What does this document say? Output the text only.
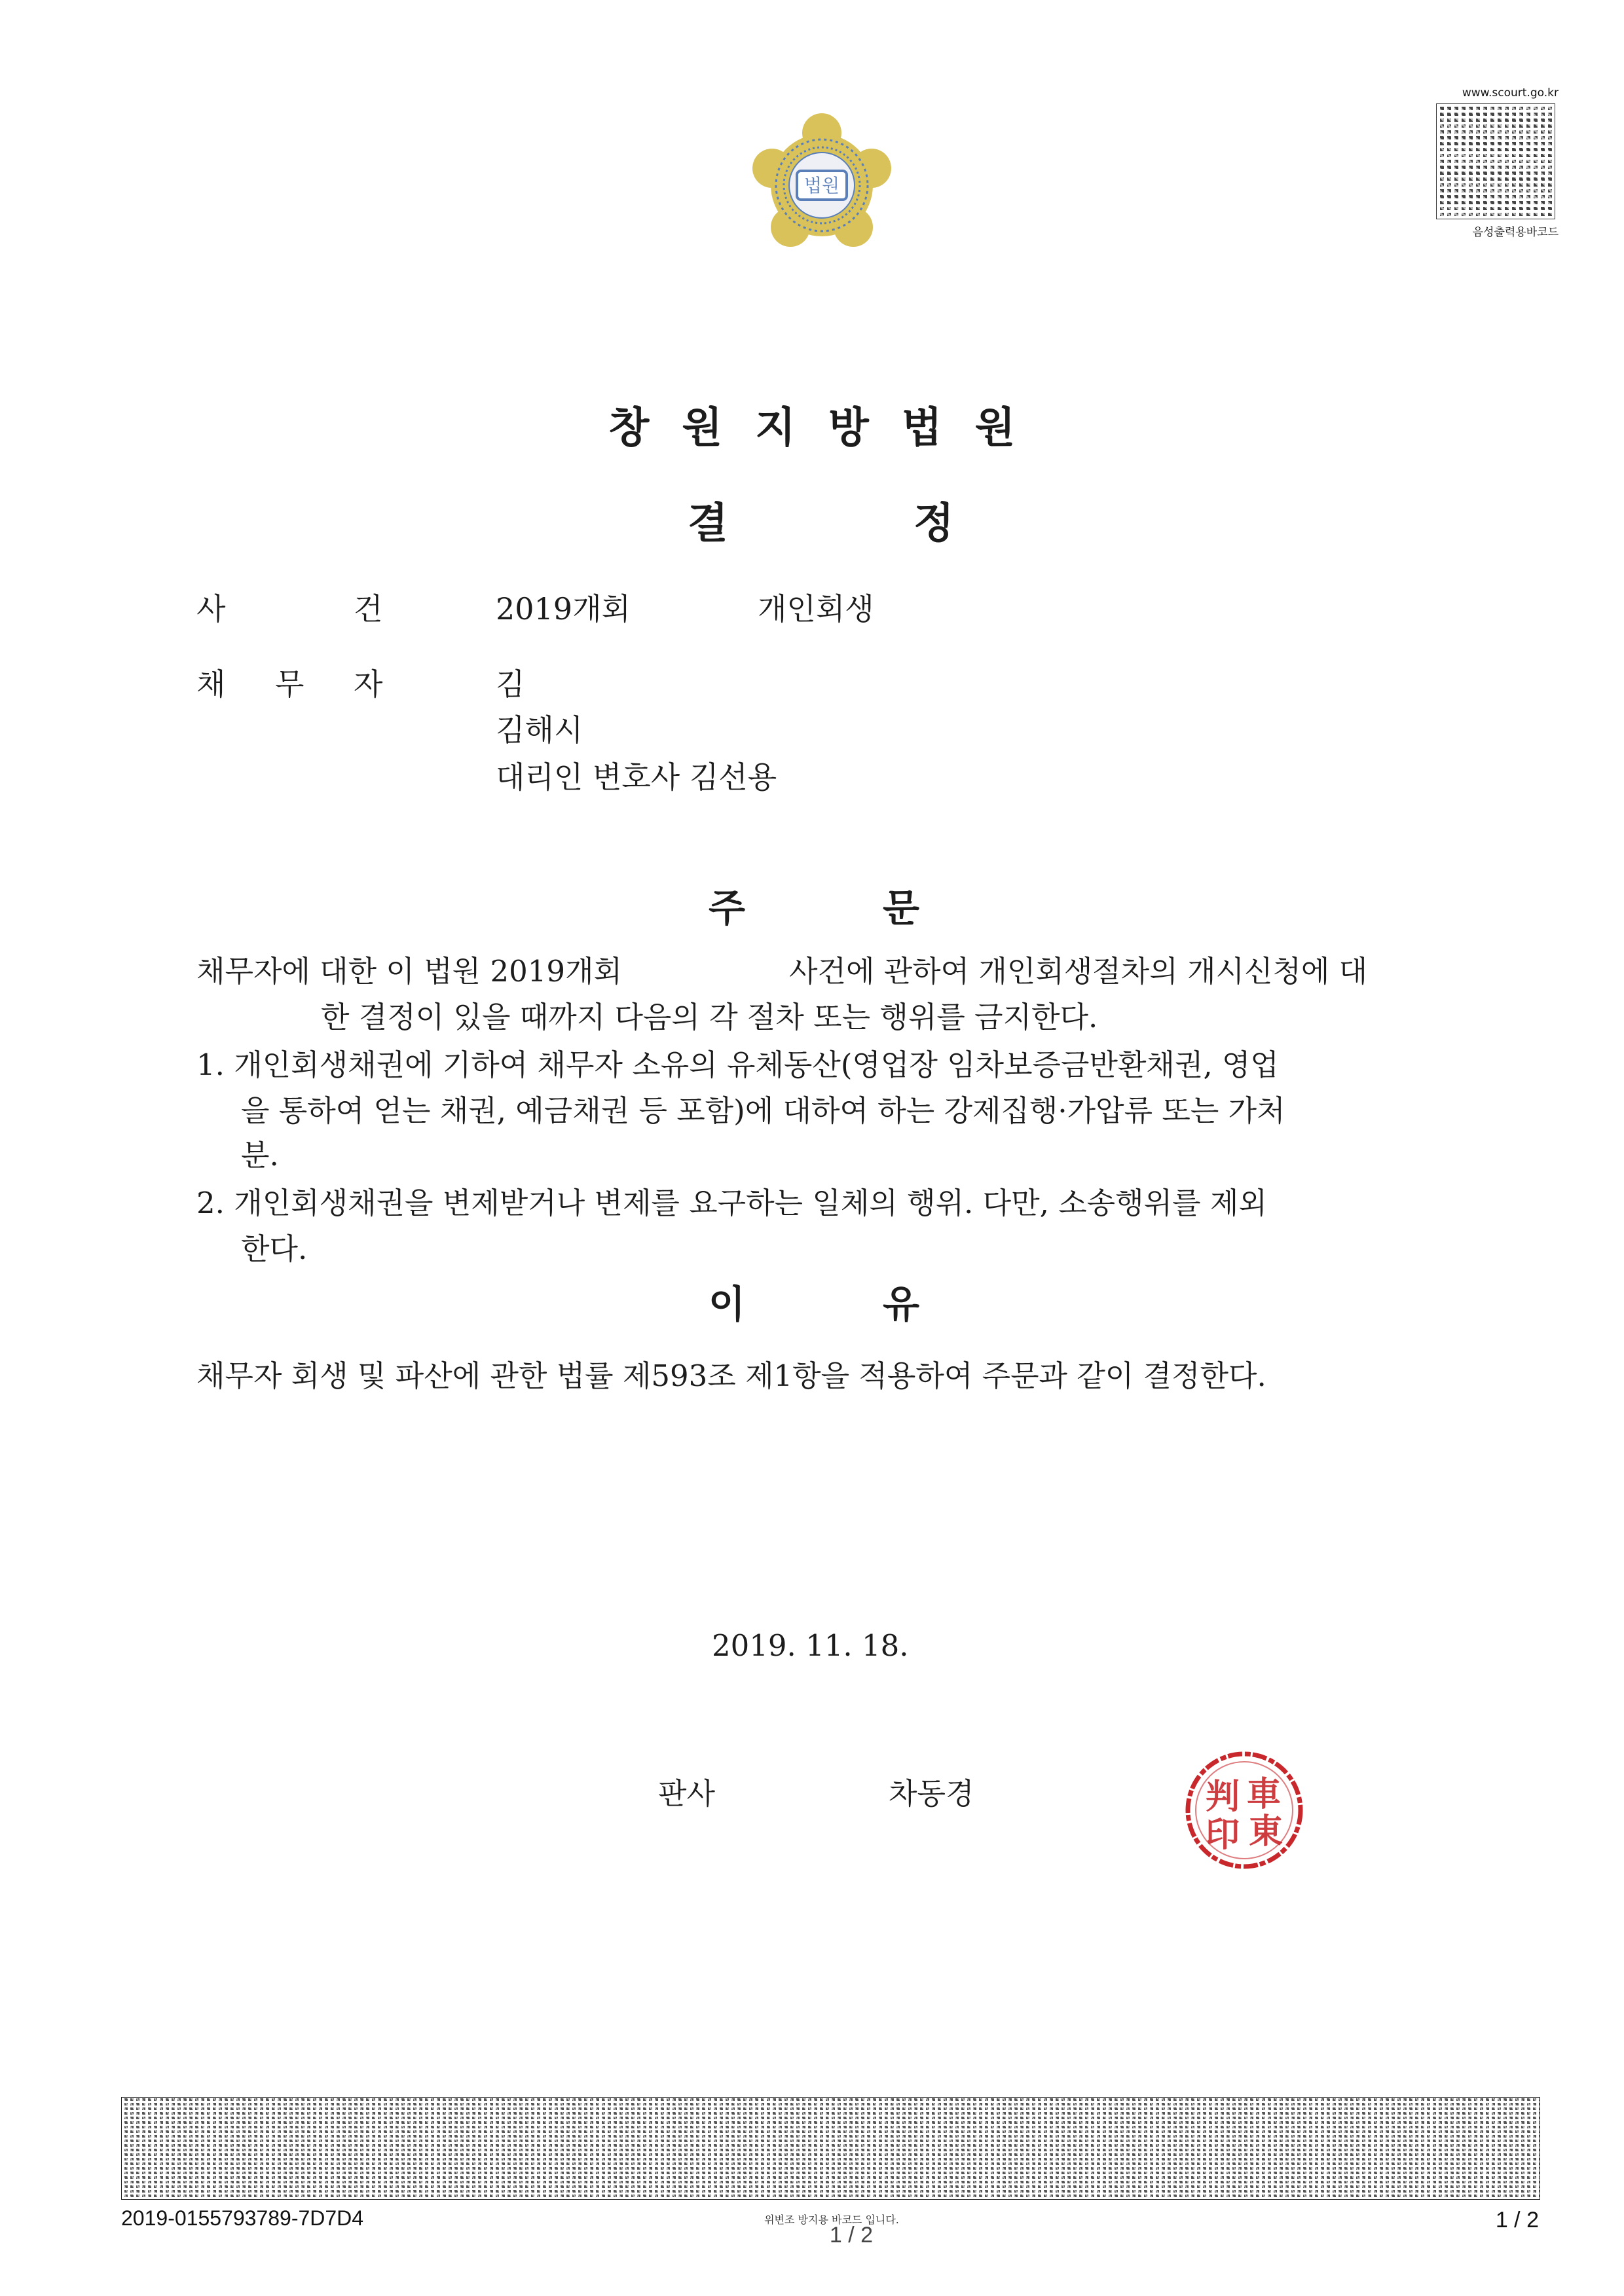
법원
www.scourt.go.kr
음성출력용바코드
창원지방법원
결	정
사	건	2019개회	개인회생
채 무 자	김
김해시
대리인 변호사 김선용
주	문
채무자에 대한 이 법원 2019개회	사건에 관하여 개인회생절차의 개시신청에 대
한 결정이 있을 때까지 다음의 각 절차 또는 행위를 금지한다.
1. 개인회생채권에 기하여 채무자 소유의 유체동산(영업장 임차보증금반환채권, 영업
을 통하여 얻는 채권, 예금채권 등 포함)에 대하여 하는 강제집행·가압류 또는 가처
분.
2. 개인회생채권을 변제받거나 변제를 요구하는 일체의 행위. 다만, 소송행위를 제외
한다.
이	유
채무자 회생 및 파산에 관한 법률 제593조 제1항을 적용하여 주문과 같이 결정한다.
2019. 11. 18.
판사	차동경	車
東
判
印
2019-0155793789-7D7D4	위변조 방지용 바코드 입니다.
1 / 2
1 / 2
